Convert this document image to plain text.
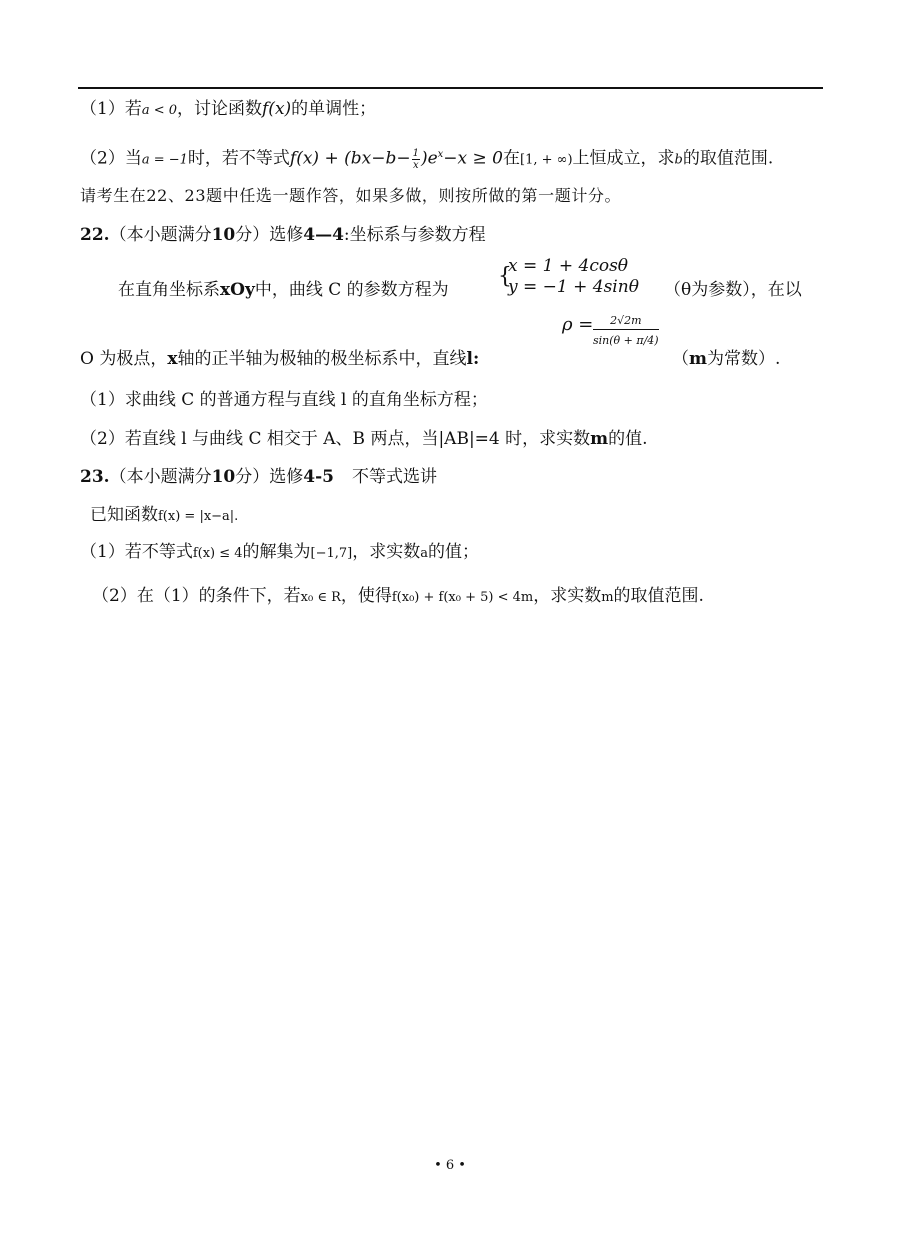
（1）若a < 0，讨论函数f(x)的单调性；
（2）当a = −1时，若不等式$f(x) + (bx-b- \frac{1}{x} )e^x-x \ge 0$在[1, + ∞)上恒成立，求b的取值范围.
请考生在22、23题中任选一题作答，如果多做，则按所做的第一题计分。
22.（本小题满分10分）选修4—4:坐标系与参数方程
在直角坐标系xOy中，曲线 C 的参数方程为
{
x = 1 + 4cosθ
y = −1 + 4sinθ （θ为参数），在以
O 为极点，x轴的正半轴为极轴的极坐标系中，直线l:
$\rho = \frac{2√2m}{\sin(\theta + \pi/4)}$
（m为常数）.
（1）求曲线 C 的普通方程与直线 l 的直角坐标方程；
（2）若直线 l 与曲线 C 相交于 A、B 两点，当|AB|=4 时，求实数m的值.
23.（本小题满分10分）选修4-5 不等式选讲
已知函数f(x) = |x−a|.
（1）若不等式f(x) ≤ 4的解集为[−1,7]，求实数a的值；
（2）在（1）的条件下，若x₀ ∈ R，使得f(x₀) + f(x₀ + 5) < 4m，求实数m的取值范围.
• 6 •
